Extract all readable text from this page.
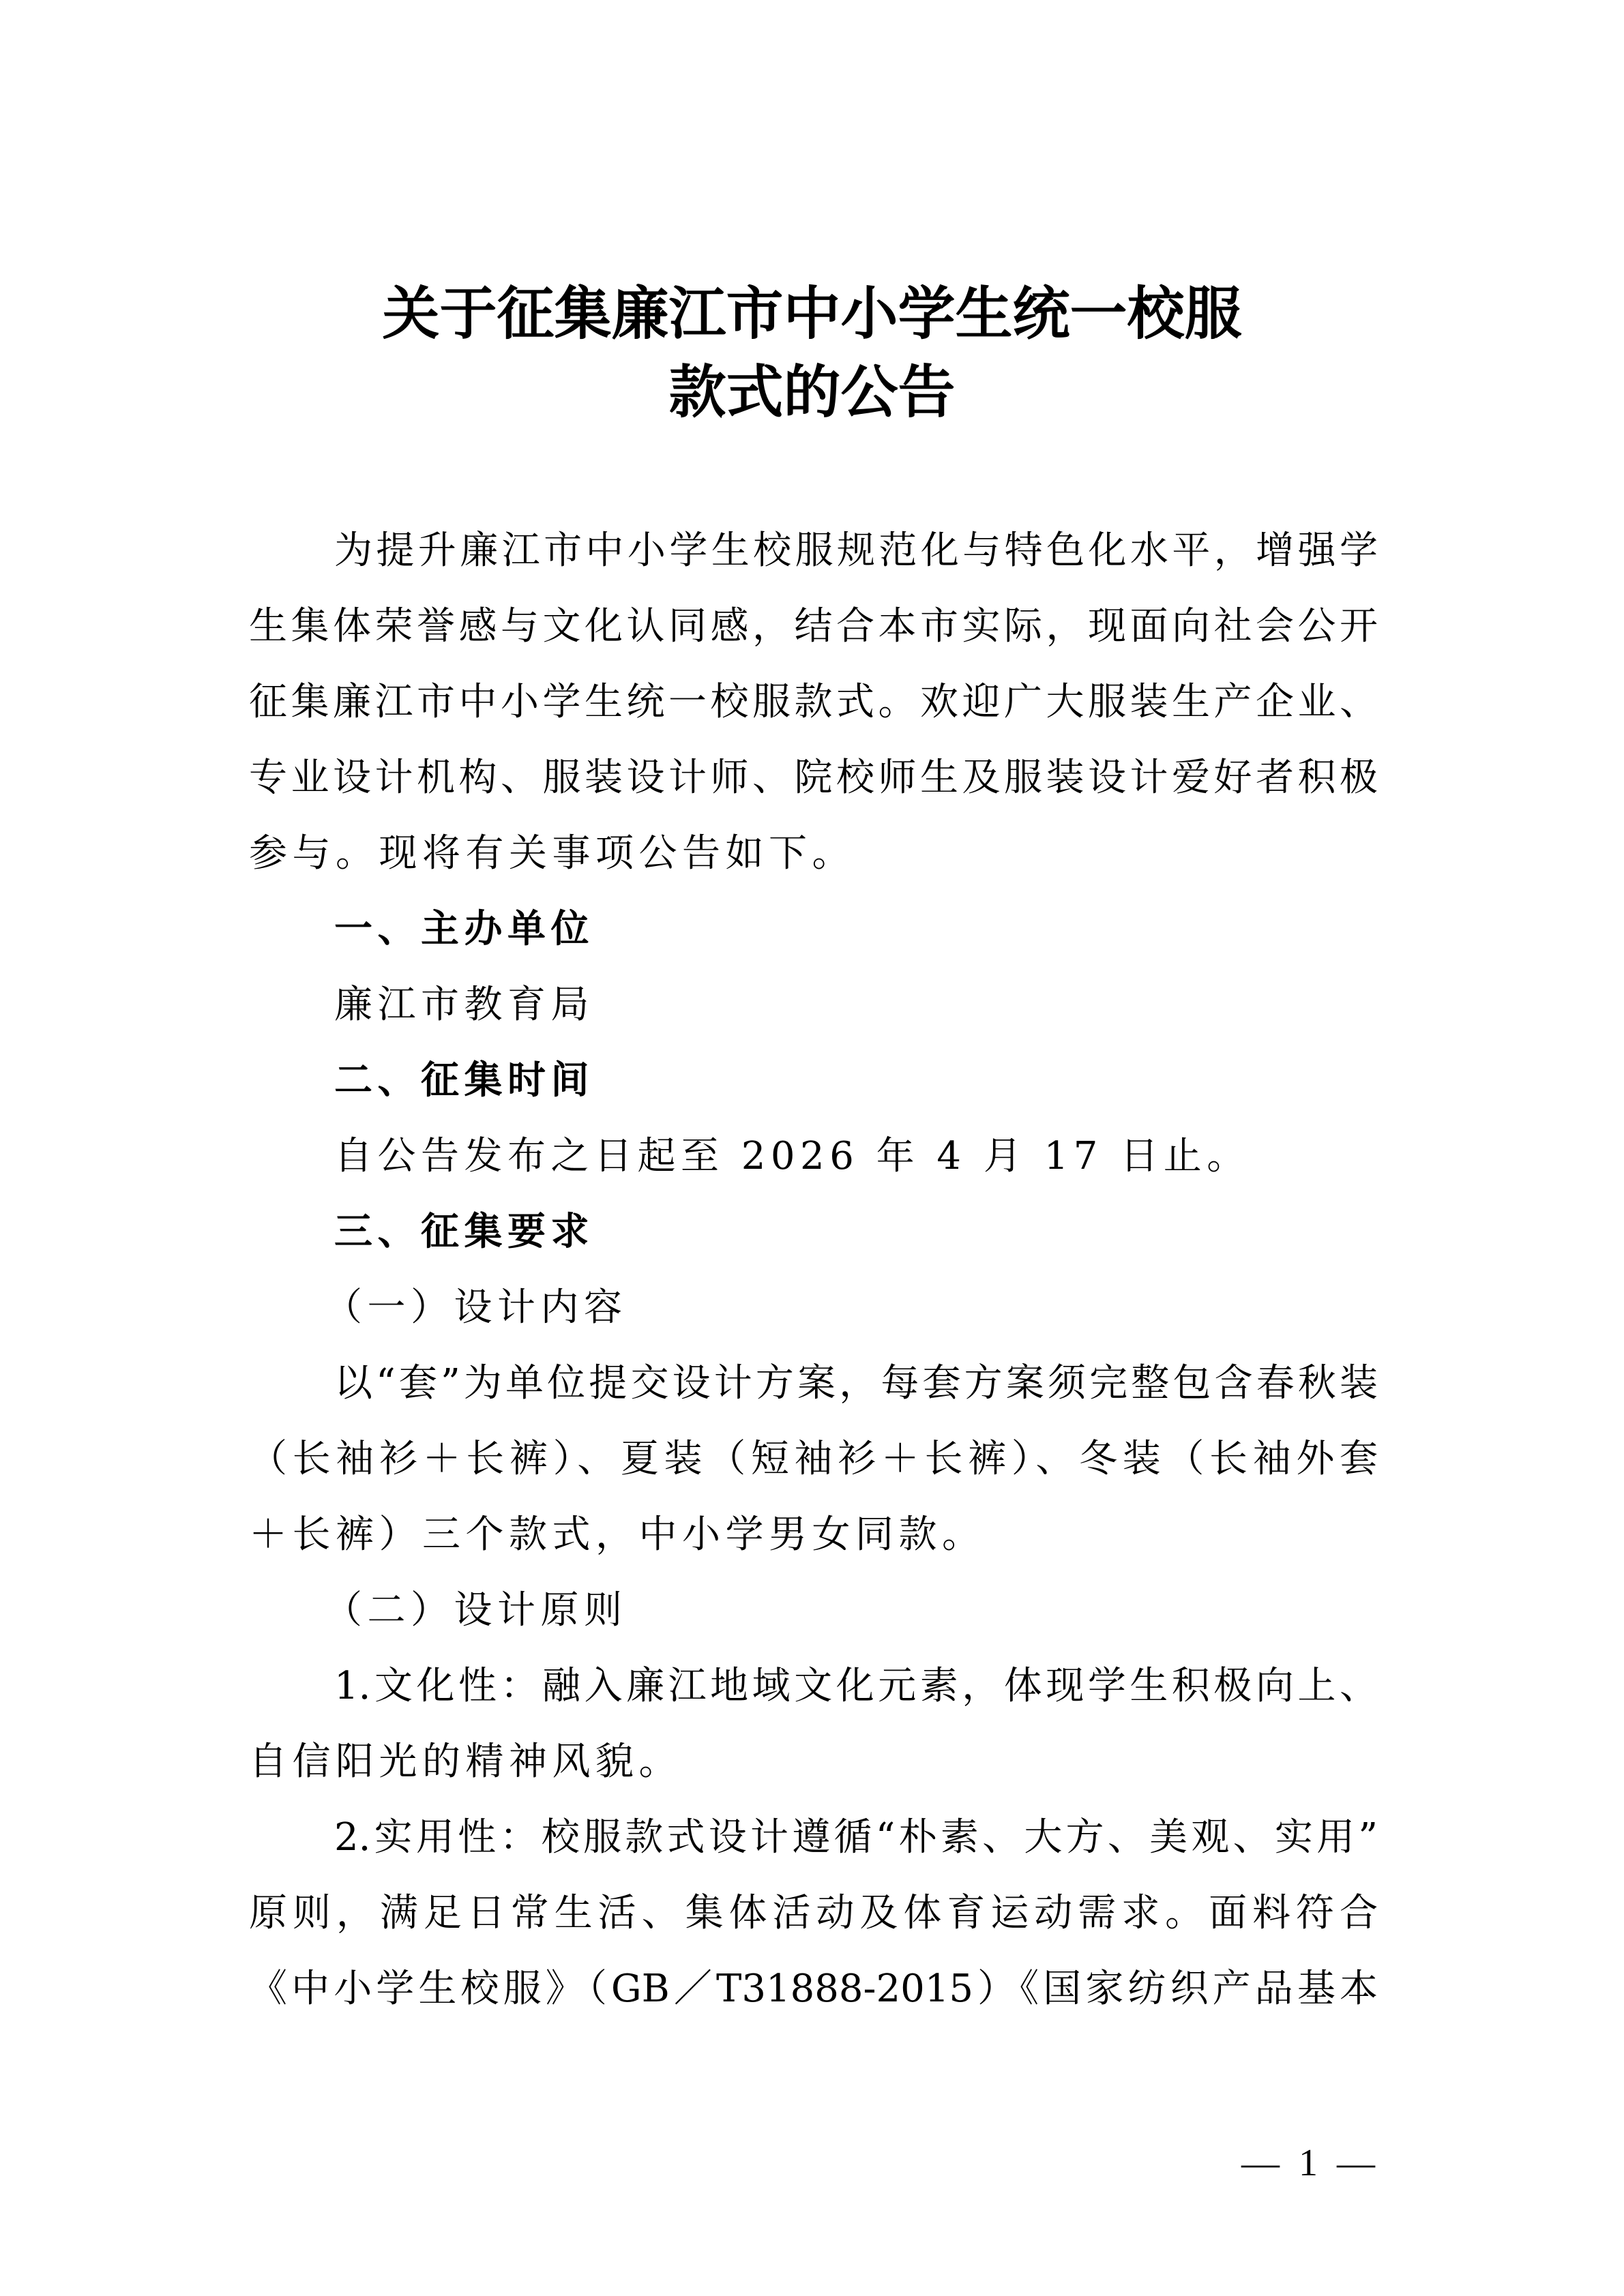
关于征集廉江市中小学生统一校服
款式的公告
为提升廉江市中小学生校服规范化与特色化水平，增强学
生集体荣誉感与文化认同感，结合本市实际，现面向社会公开
征集廉江市中小学生统一校服款式。欢迎广大服装生产企业、
专业设计机构、服装设计师、院校师生及服装设计爱好者积极
参与。现将有关事项公告如下。
一、主办单位
廉江市教育局
二、征集时间
自公告发布之日起至 2026 年 4 月 17 日止。
三、征集要求
（一）设计内容
以“套”为单位提交设计方案，每套方案须完整包含春秋装
（长袖衫＋长裤）、夏装（短袖衫＋长裤）、冬装（长袖外套
＋长裤）三个款式，中小学男女同款。
（二）设计原则
1.文化性：融入廉江地域文化元素，体现学生积极向上、
自信阳光的精神风貌。
2.实用性：校服款式设计遵循“朴素、大方、美观、实用”
原则，满足日常生活、集体活动及体育运动需求。面料符合
《中小学生校服》（GB／T31888-2015）《国家纺织产品基本
—  1  —
